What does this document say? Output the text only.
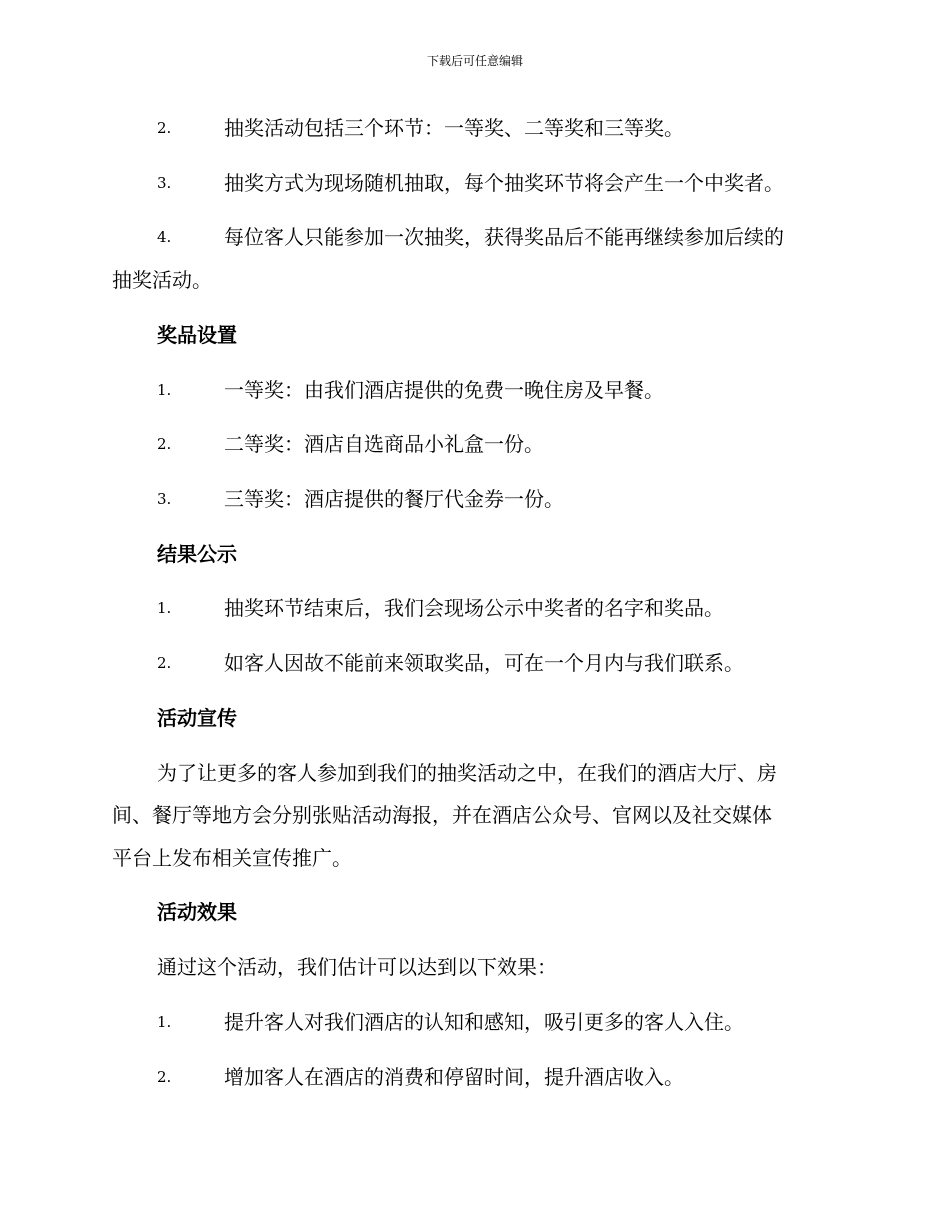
下载后可任意编辑
2.	抽奖活动包括三个环节：一等奖、二等奖和三等奖。
3.	抽奖方式为现场随机抽取，每个抽奖环节将会产生一个中奖者。
4.	每位客人只能参加一次抽奖，获得奖品后不能再继续参加后续的
抽奖活动。
奖品设置
1.	一等奖：由我们酒店提供的免费一晚住房及早餐。
2.	二等奖：酒店自选商品小礼盒一份。
3.	三等奖：酒店提供的餐厅代金券一份。
结果公示
1.	抽奖环节结束后，我们会现场公示中奖者的名字和奖品。
2.	如客人因故不能前来领取奖品，可在一个月内与我们联系。
活动宣传
为了让更多的客人参加到我们的抽奖活动之中，在我们的酒店大厅、房
间、餐厅等地方会分别张贴活动海报，并在酒店公众号、官网以及社交媒体
平台上发布相关宣传推广。
活动效果
通过这个活动，我们估计可以达到以下效果：
1.	提升客人对我们酒店的认知和感知，吸引更多的客人入住。
2.	增加客人在酒店的消费和停留时间，提升酒店收入。
